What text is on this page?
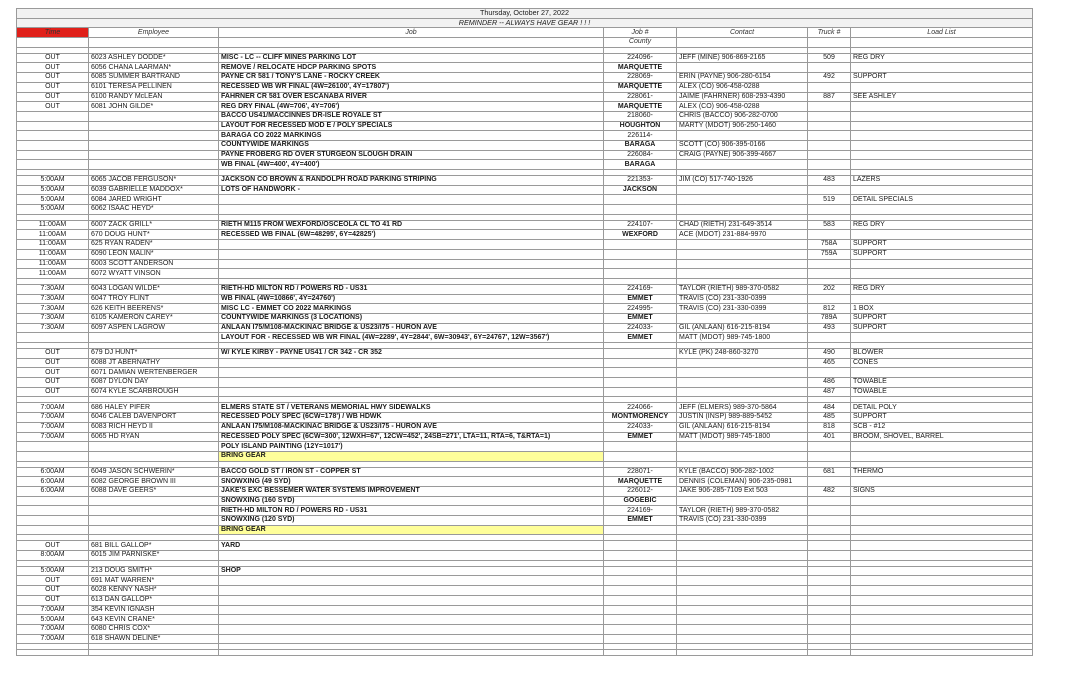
Thursday, October 27, 2022						
REMINDER -- ALWAYS HAVE GEAR ! ! !						
Time	Employee	Job	Job #	Contact	Truck #	Load List
			County			

OUT	6023 ASHLEY DODDE*	MISC - LC -- CLIFF MINES PARKING LOT	224096-	JEFF (MINE) 906-869-2165	509	REG DRY
OUT	6056 CHANA LAARMAN*	REMOVE / RELOCATE HDCP PARKING SPOTS	MARQUETTE			
OUT	6085 SUMMER BARTRAND	PAYNE CR 581 / TONY'S LANE - ROCKY CREEK	228069-	ERIN (PAYNE) 906-280-6154	492	SUPPORT
OUT	6101 TERESA PELLINEN	RECESSED WB WR FINAL (4W=26100', 4Y=17807')	MARQUETTE	ALEX (CO) 906-458-0288		
OUT	6100 RANDY McLEAN	FAHRNER CR 581 OVER ESCANABA RIVER	228061-	JAIME (FAHRNER) 608-293-4390	887	SEE ASHLEY
OUT	6081 JOHN GILDE*	REG DRY FINAL (4W=706', 4Y=706')	MARQUETTE	ALEX (CO) 906-458-0288		
		BACCO US41/MACCINNES DR-ISLE ROYALE ST	218060-	CHRIS (BACCO) 906-282-0700		
		LAYOUT FOR RECESSED MOD E / POLY SPECIALS	HOUGHTON	MARTY (MDOT) 906-250-1460		
		BARAGA CO 2022 MARKINGS	226114-			
		COUNTYWIDE MARKINGS	BARAGA	SCOTT (CO) 906-395-0166		
		PAYNE FROBERG RD OVER STURGEON SLOUGH DRAIN	226084-	CRAIG (PAYNE) 906-399-4667		
		WB FINAL (4W=400', 4Y=400')	BARAGA			

5:00AM	6065 JACOB FERGUSON*	JACKSON CO BROWN & RANDOLPH ROAD PARKING STRIPING	221353-	JIM (CO) 517-740-1926	483	LAZERS
5:00AM	6039 GABRIELLE MADDOX*	LOTS OF HANDWORK -	JACKSON			
5:00AM	6084 JARED WRIGHT				519	DETAIL SPECIALS
5:00AM	6062 ISAAC HEYD*					

11:00AM	6007 ZACK GRILL*	RIETH M115 FROM WEXFORD/OSCEOLA CL TO 41 RD	224107-	CHAD (RIETH) 231-649-3514	583	REG DRY
11:00AM	670 DOUG HUNT*	RECESSED WB FINAL (6W=48295', 6Y=42825')	WEXFORD	ACE (MDOT) 231-884-9970		
11:00AM	625 RYAN RADEN*				758A	SUPPORT
11:00AM	6090 LEON MALIN*				759A	SUPPORT
11:00AM	6003 SCOTT ANDERSON					
11:00AM	6072 WYATT VINSON					

7:30AM	6043 LOGAN WILDE*	RIETH-HD MILTON RD / POWERS RD - US31	224169-	TAYLOR (RIETH) 989-370-0582	202	REG DRY
7:30AM	6047 TROY FLINT	WB FINAL (4W=10866', 4Y=24760')	EMMET	TRAVIS (CO) 231-330-0399		
7:30AM	626 KEITH BEERENS*	MISC LC - EMMET CO 2022 MARKINGS	224995-	TRAVIS (CO) 231-330-0399	812	1 BOX
7:30AM	6105 KAMERON CAREY*	COUNTYWIDE MARKINGS (3 LOCATIONS)	EMMET		789A	SUPPORT
7:30AM	6097 ASPEN LAGROW	ANLAAN I75/M108-MACKINAC BRIDGE & US23/I75 - HURON AVE	224033-	GIL (ANLAAN) 616-215-8194	493	SUPPORT
		LAYOUT FOR - RECESSED WB WR FINAL (4W=2289', 4Y=2844', 6W=30943', 6Y=24767', 12W=3567')	EMMET	MATT (MDOT) 989-745-1800		

OUT	679 DJ HUNT*	W/ KYLE KIRBY - PAYNE US41 / CR 342 - CR 352		KYLE (PK) 248-860-3270	490	BLOWER
OUT	6088 JT ABERNATHY				465	CONES
OUT	6071 DAMIAN WERTENBERGER					
OUT	6087 DYLON DAY				486	TOWABLE
OUT	6074 KYLE SCARBROUGH				487	TOWABLE

7:00AM	686 HALEY PIFER	ELMERS STATE ST / VETERANS MEMORIAL HWY SIDEWALKS	224066-	JEFF (ELMERS) 989-370-5864	484	DETAIL POLY
7:00AM	6046 CALEB DAVENPORT	RECESSED POLY SPEC (6CW=178') / WB HDWK	MONTMORENCY	JUSTIN (INSP) 989-889-5452	485	SUPPORT
7:00AM	6083 RICH HEYD II	ANLAAN I75/M108-MACKINAC BRIDGE & US23/I75 - HURON AVE	224033-	GIL (ANLAAN) 616-215-8194	818	SCB - #12
7:00AM	6065 HD RYAN	RECESSED POLY SPEC (6CW=300', 12WXH=67', 12CW=452', 24SB=271', LTA=11, RTA=6, T&RTA=1)	EMMET	MATT (MDOT) 989-745-1800	401	BROOM, SHOVEL, BARREL
		POLY ISLAND PAINTING (12Y=1017')				
		BRING GEAR				

6:00AM	6049 JASON SCHWERIN*	BACCO GOLD ST / IRON ST - COPPER ST	228071-	KYLE (BACCO) 906-282-1002	681	THERMO
6:00AM	6082 GEORGE BROWN III	SNOWXING (49 SYD)	MARQUETTE	DENNIS (COLEMAN) 906-235-0981		
6:00AM	6088 DAVE GEERS*	JAKE'S EXC BESSEMER WATER SYSTEMS IMPROVEMENT	226012-	JAKE 906-285-7109 Ext 503	482	SIGNS
		SNOWXING (160 SYD)	GOGEBIC			
		RIETH-HD MILTON RD / POWERS RD - US31	224169-	TAYLOR (RIETH) 989-370-0582		
		SNOWXING (120 SYD)	EMMET	TRAVIS (CO) 231-330-0399		
		BRING GEAR				

OUT	681 BILL GALLOP*	YARD				
8:00AM	6015 JIM PARNISKE*					

5:00AM	213 DOUG SMITH*	SHOP				
OUT	691 MAT WARREN*					
OUT	6028 KENNY NASH*					
OUT	613 DAN GALLOP*					
7:00AM	354 KEVIN IGNASH					
5:00AM	643 KEVIN CRANE*					
7:00AM	6080 CHRIS COX*					
7:00AM	618 SHAWN DELINE*					
